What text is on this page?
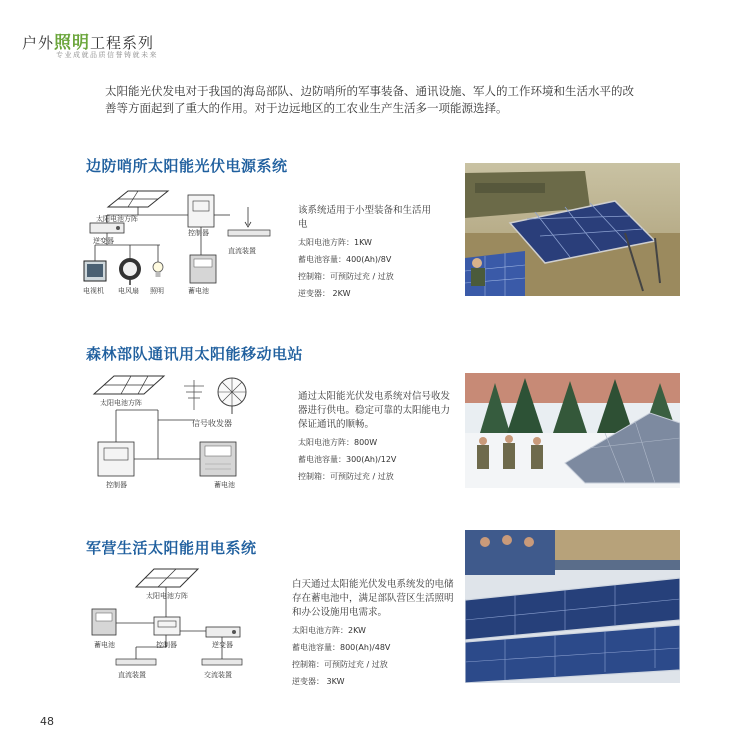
户外照明工程系列
专业成就品质信誉铸就未来
太阳能光伏发电对于我国的海岛部队、边防哨所的军事装备、通讯设施、军人的工作环境和生活水平的改善等方面起到了重大的作用。对于边远地区的工农业生产生活多一项能源选择。
边防哨所太阳能光伏电源系统
太阳电池方阵
逆变器
控制器
直流装置
电视机 电风扇 照明	蓄电池
该系统适用于小型装备和生活用电
太阳电池方阵：1KW
蓄电池容量：400(Ah)/8V
控制箱：可预防过充 / 过放
逆变器： 2KW
森林部队通讯用太阳能移动电站
太阳电池方阵
信号收发器
控制器	蓄电池
通过太阳能光伏发电系统对信号收发器进行供电。稳定可靠的太阳能电力保证通讯的顺畅。
太阳电池方阵：800W
蓄电池容量：300(Ah)/12V
控制箱：可预防过充 / 过放
军营生活太阳能用电系统
太阳电池方阵
蓄电池	控制器	逆变器
直流装置	交流装置
白天通过太阳能光伏发电系统发的电储存在蓄电池中，满足部队营区生活照明和办公设施用电需求。
太阳电池方阵：2KW
蓄电池容量：800(Ah)/48V
控制箱：可预防过充 / 过放
逆变器： 3KW
48
